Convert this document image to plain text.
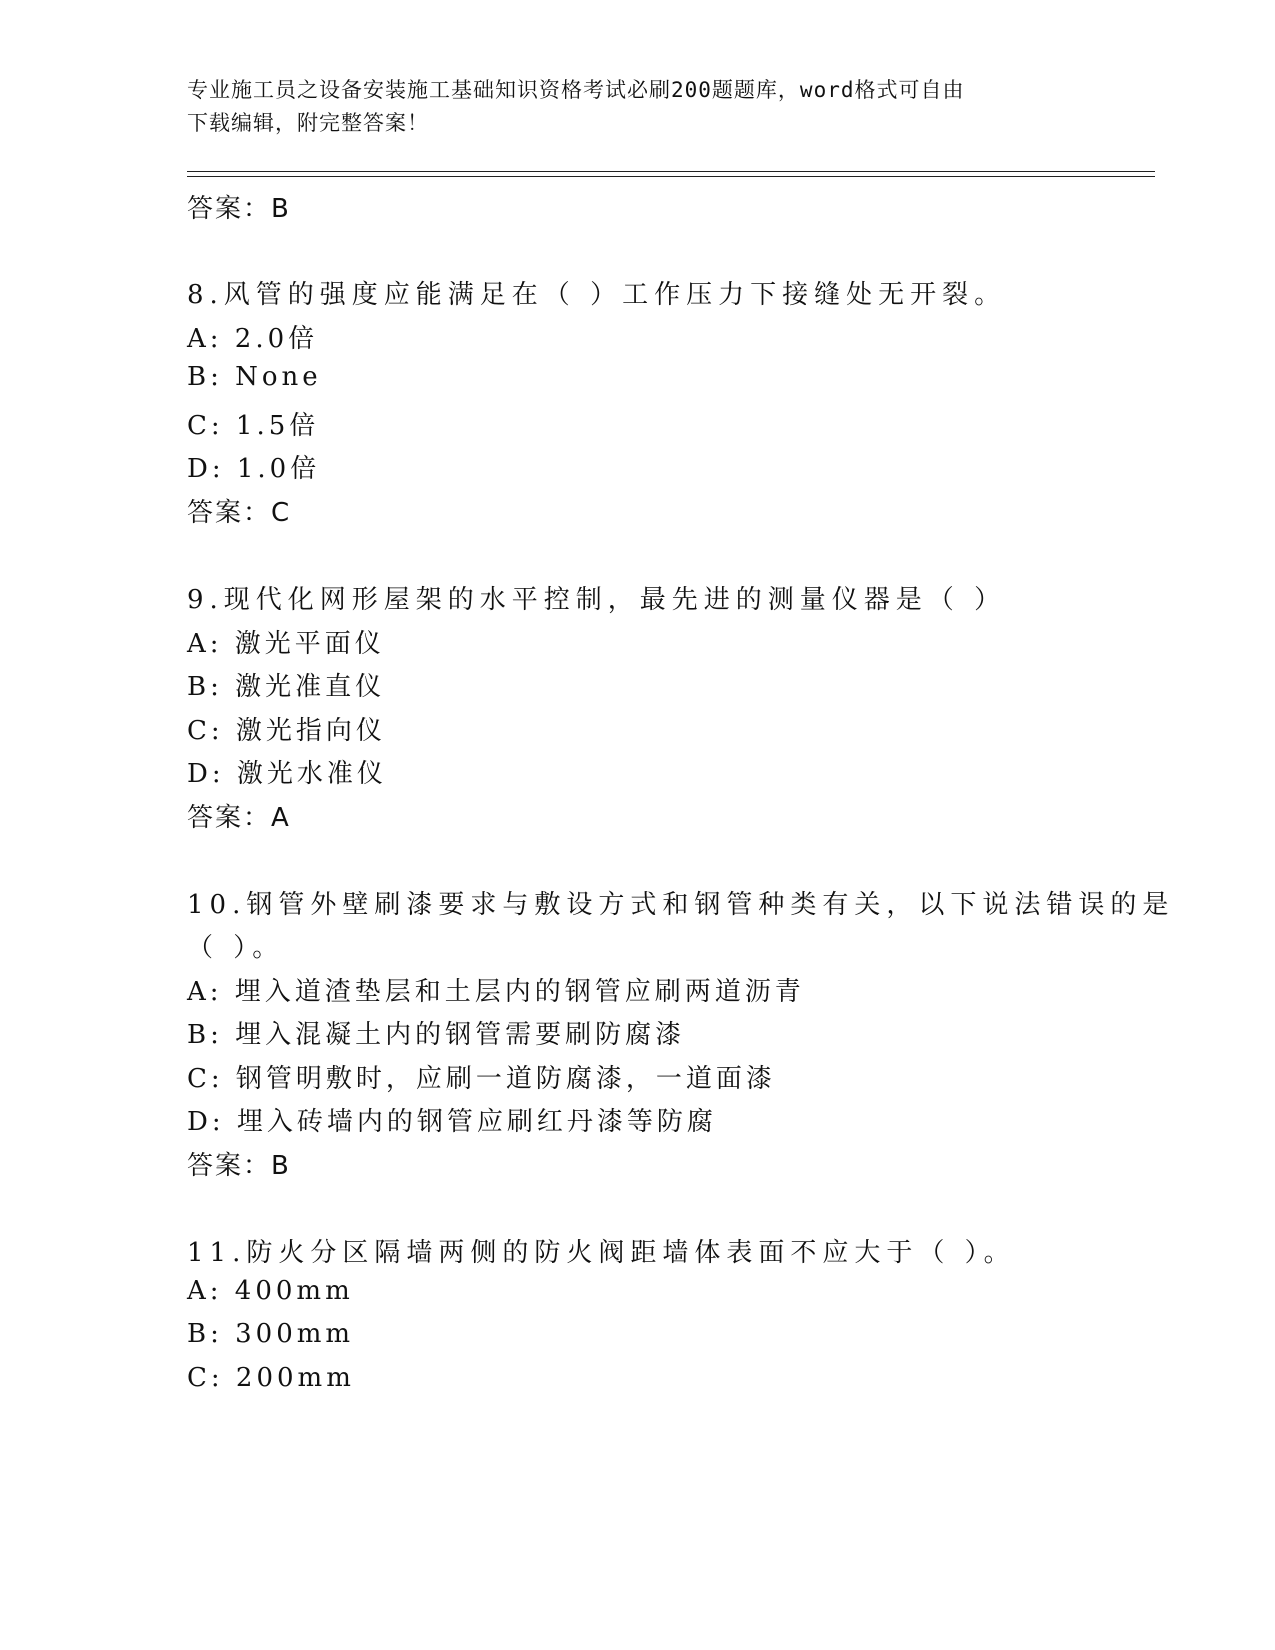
专业施工员之设备安装施工基础知识资格考试必刷200题题库，word格式可自由
下载编辑，附完整答案！
答案：B
8.风管的强度应能满足在（ ）工作压力下接缝处无开裂。
A: 2.0倍
B: None
C: 1.5倍
D: 1.0倍
答案：C
9.现代化网形屋架的水平控制，最先进的测量仪器是（ ）
A: 激光平面仪
B: 激光准直仪
C: 激光指向仪
D: 激光水准仪
答案：A
10.钢管外壁刷漆要求与敷设方式和钢管种类有关，以下说法错误的是
（ ）。
A: 埋入道渣垫层和土层内的钢管应刷两道沥青
B: 埋入混凝土内的钢管需要刷防腐漆
C: 钢管明敷时，应刷一道防腐漆，一道面漆
D: 埋入砖墙内的钢管应刷红丹漆等防腐
答案：B
11.防火分区隔墙两侧的防火阀距墙体表面不应大于（ ）。
A: 400mm
B: 300mm
C: 200mm
